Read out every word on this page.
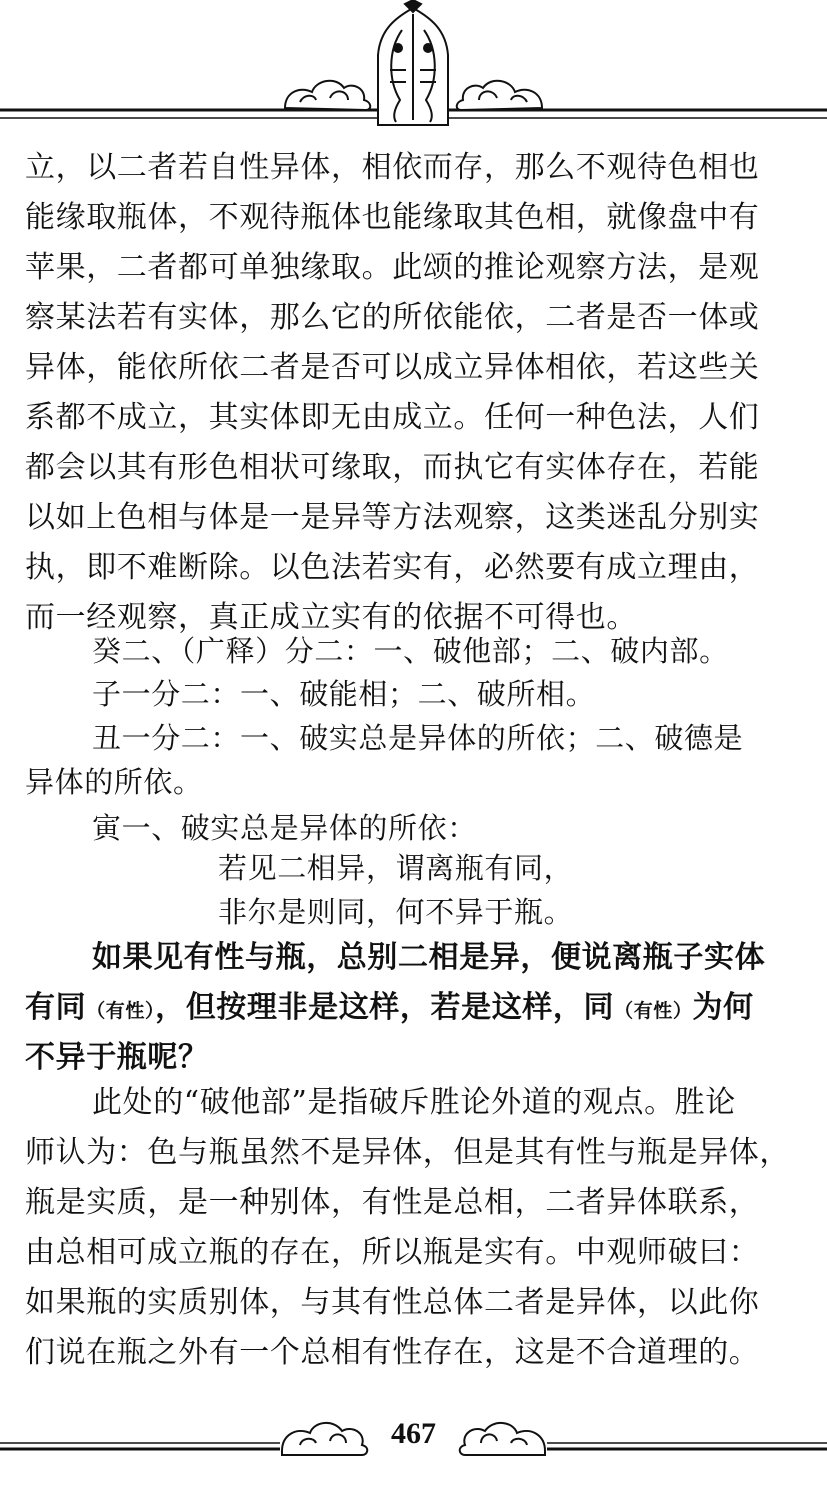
立，以二者若自性异体，相依而存，那么不观待色相也
能缘取瓶体，不观待瓶体也能缘取其色相，就像盘中有
苹果，二者都可单独缘取。此颂的推论观察方法，是观
察某法若有实体，那么它的所依能依，二者是否一体或
异体，能依所依二者是否可以成立异体相依，若这些关
系都不成立，其实体即无由成立。任何一种色法，人们
都会以其有形色相状可缘取，而执它有实体存在，若能
以如上色相与体是一是异等方法观察，这类迷乱分别实
执，即不难断除。以色法若实有，必然要有成立理由，
而一经观察，真正成立实有的依据不可得也。
癸二、（广释）分二：一、破他部；二、破内部。
子一分二：一、破能相；二、破所相。
丑一分二：一、破实总是异体的所依；二、破德是
异体的所依。
寅一、破实总是异体的所依：
若见二相异，谓离瓶有同，
非尔是则同，何不异于瓶。
如果见有性与瓶，总别二相是异，便说离瓶子实体
有同（有性），但按理非是这样，若是这样，同（有性）为何
不异于瓶呢？
此处的“破他部”是指破斥胜论外道的观点。胜论
师认为：色与瓶虽然不是异体，但是其有性与瓶是异体，
瓶是实质，是一种别体，有性是总相，二者异体联系，
由总相可成立瓶的存在，所以瓶是实有。中观师破曰：
如果瓶的实质别体，与其有性总体二者是异体，以此你
们说在瓶之外有一个总相有性存在，这是不合道理的。
467
